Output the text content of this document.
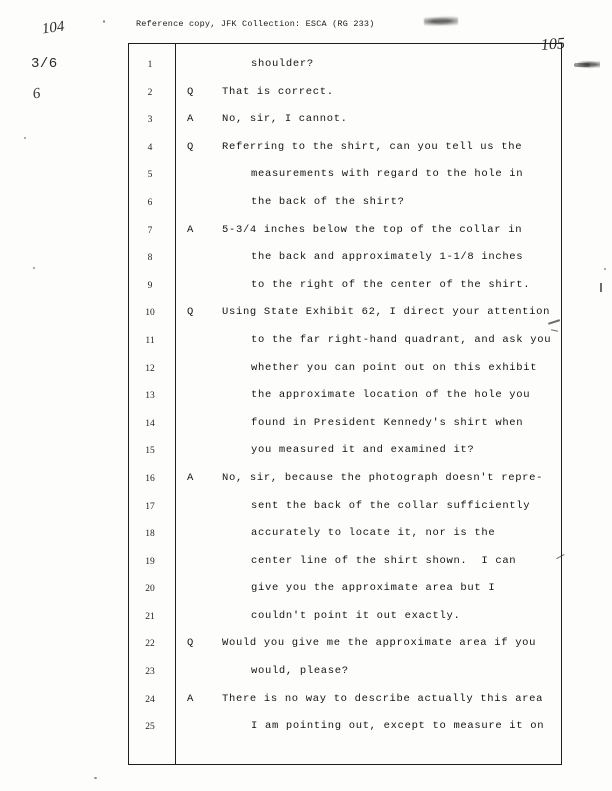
Reference copy, JFK Collection: ESCA (RG 233)
104
105
3/6
6
1	shoulder?
2	Q	That is correct.
3	A	No, sir, I cannot.
4	Q	Referring to the shirt, can you tell us the
5	measurements with regard to the hole in
6	the back of the shirt?
7	A	5-3/4 inches below the top of the collar in
8	the back and approximately 1-1/8 inches
9	to the right of the center of the shirt.
10	Q	Using State Exhibit 62, I direct your attention
11	to the far right-hand quadrant, and ask you
12	whether you can point out on this exhibit
13	the approximate location of the hole you
14	found in President Kennedy's shirt when
15	you measured it and examined it?
16	A	No, sir, because the photograph doesn't repre-
17	sent the back of the collar sufficiently
18	accurately to locate it, nor is the
19	center line of the shirt shown.  I can
20	give you the approximate area but I
21	couldn't point it out exactly.
22	Q	Would you give me the approximate area if you
23	would, please?
24	A	There is no way to describe actually this area
25	I am pointing out, except to measure it on
